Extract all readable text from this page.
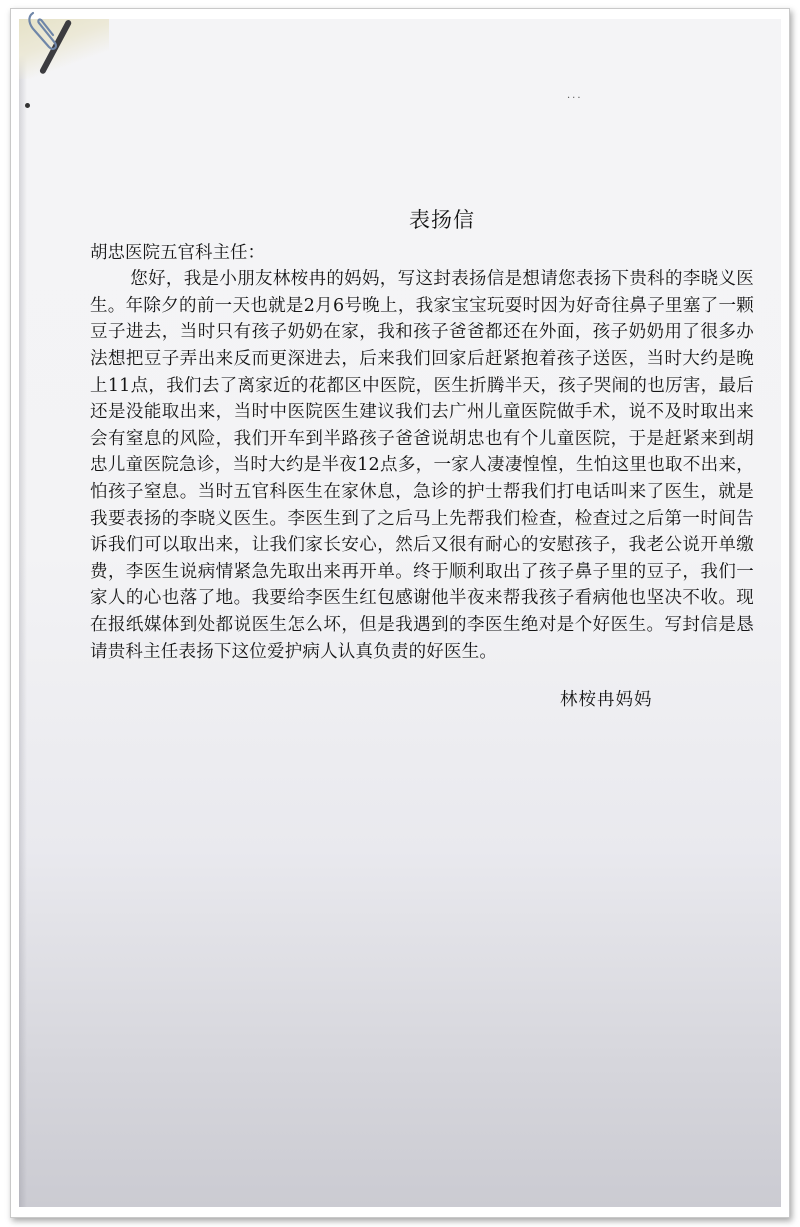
·‧·

表扬信

胡忠医院五官科主任：

您好，我是小朋友林桉冉的妈妈，写这封表扬信是想请您表扬下贵科的李晓义医生。年除夕的前一天也就是2月6号晚上，我家宝宝玩耍时因为好奇往鼻子里塞了一颗豆子进去，当时只有孩子奶奶在家，我和孩子爸爸都还在外面，孩子奶奶用了很多办法想把豆子弄出来反而更深进去，后来我们回家后赶紧抱着孩子送医，当时大约是晚上11点，我们去了离家近的花都区中医院，医生折腾半天，孩子哭闹的也厉害，最后还是没能取出来，当时中医院医生建议我们去广州儿童医院做手术，说不及时取出来会有窒息的风险，我们开车到半路孩子爸爸说胡忠也有个儿童医院，于是赶紧来到胡忠儿童医院急诊，当时大约是半夜12点多，一家人凄凄惶惶，生怕这里也取不出来，怕孩子窒息。当时五官科医生在家休息，急诊的护士帮我们打电话叫来了医生，就是我要表扬的李晓义医生。李医生到了之后马上先帮我们检查，检查过之后第一时间告诉我们可以取出来，让我们家长安心，然后又很有耐心的安慰孩子，我老公说开单缴费，李医生说病情紧急先取出来再开单。终于顺利取出了孩子鼻子里的豆子，我们一家人的心也落了地。我要给李医生红包感谢他半夜来帮我孩子看病他也坚决不收。现在报纸媒体到处都说医生怎么坏，但是我遇到的李医生绝对是个好医生。写封信是恳请贵科主任表扬下这位爱护病人认真负责的好医生。

林桉冉妈妈
